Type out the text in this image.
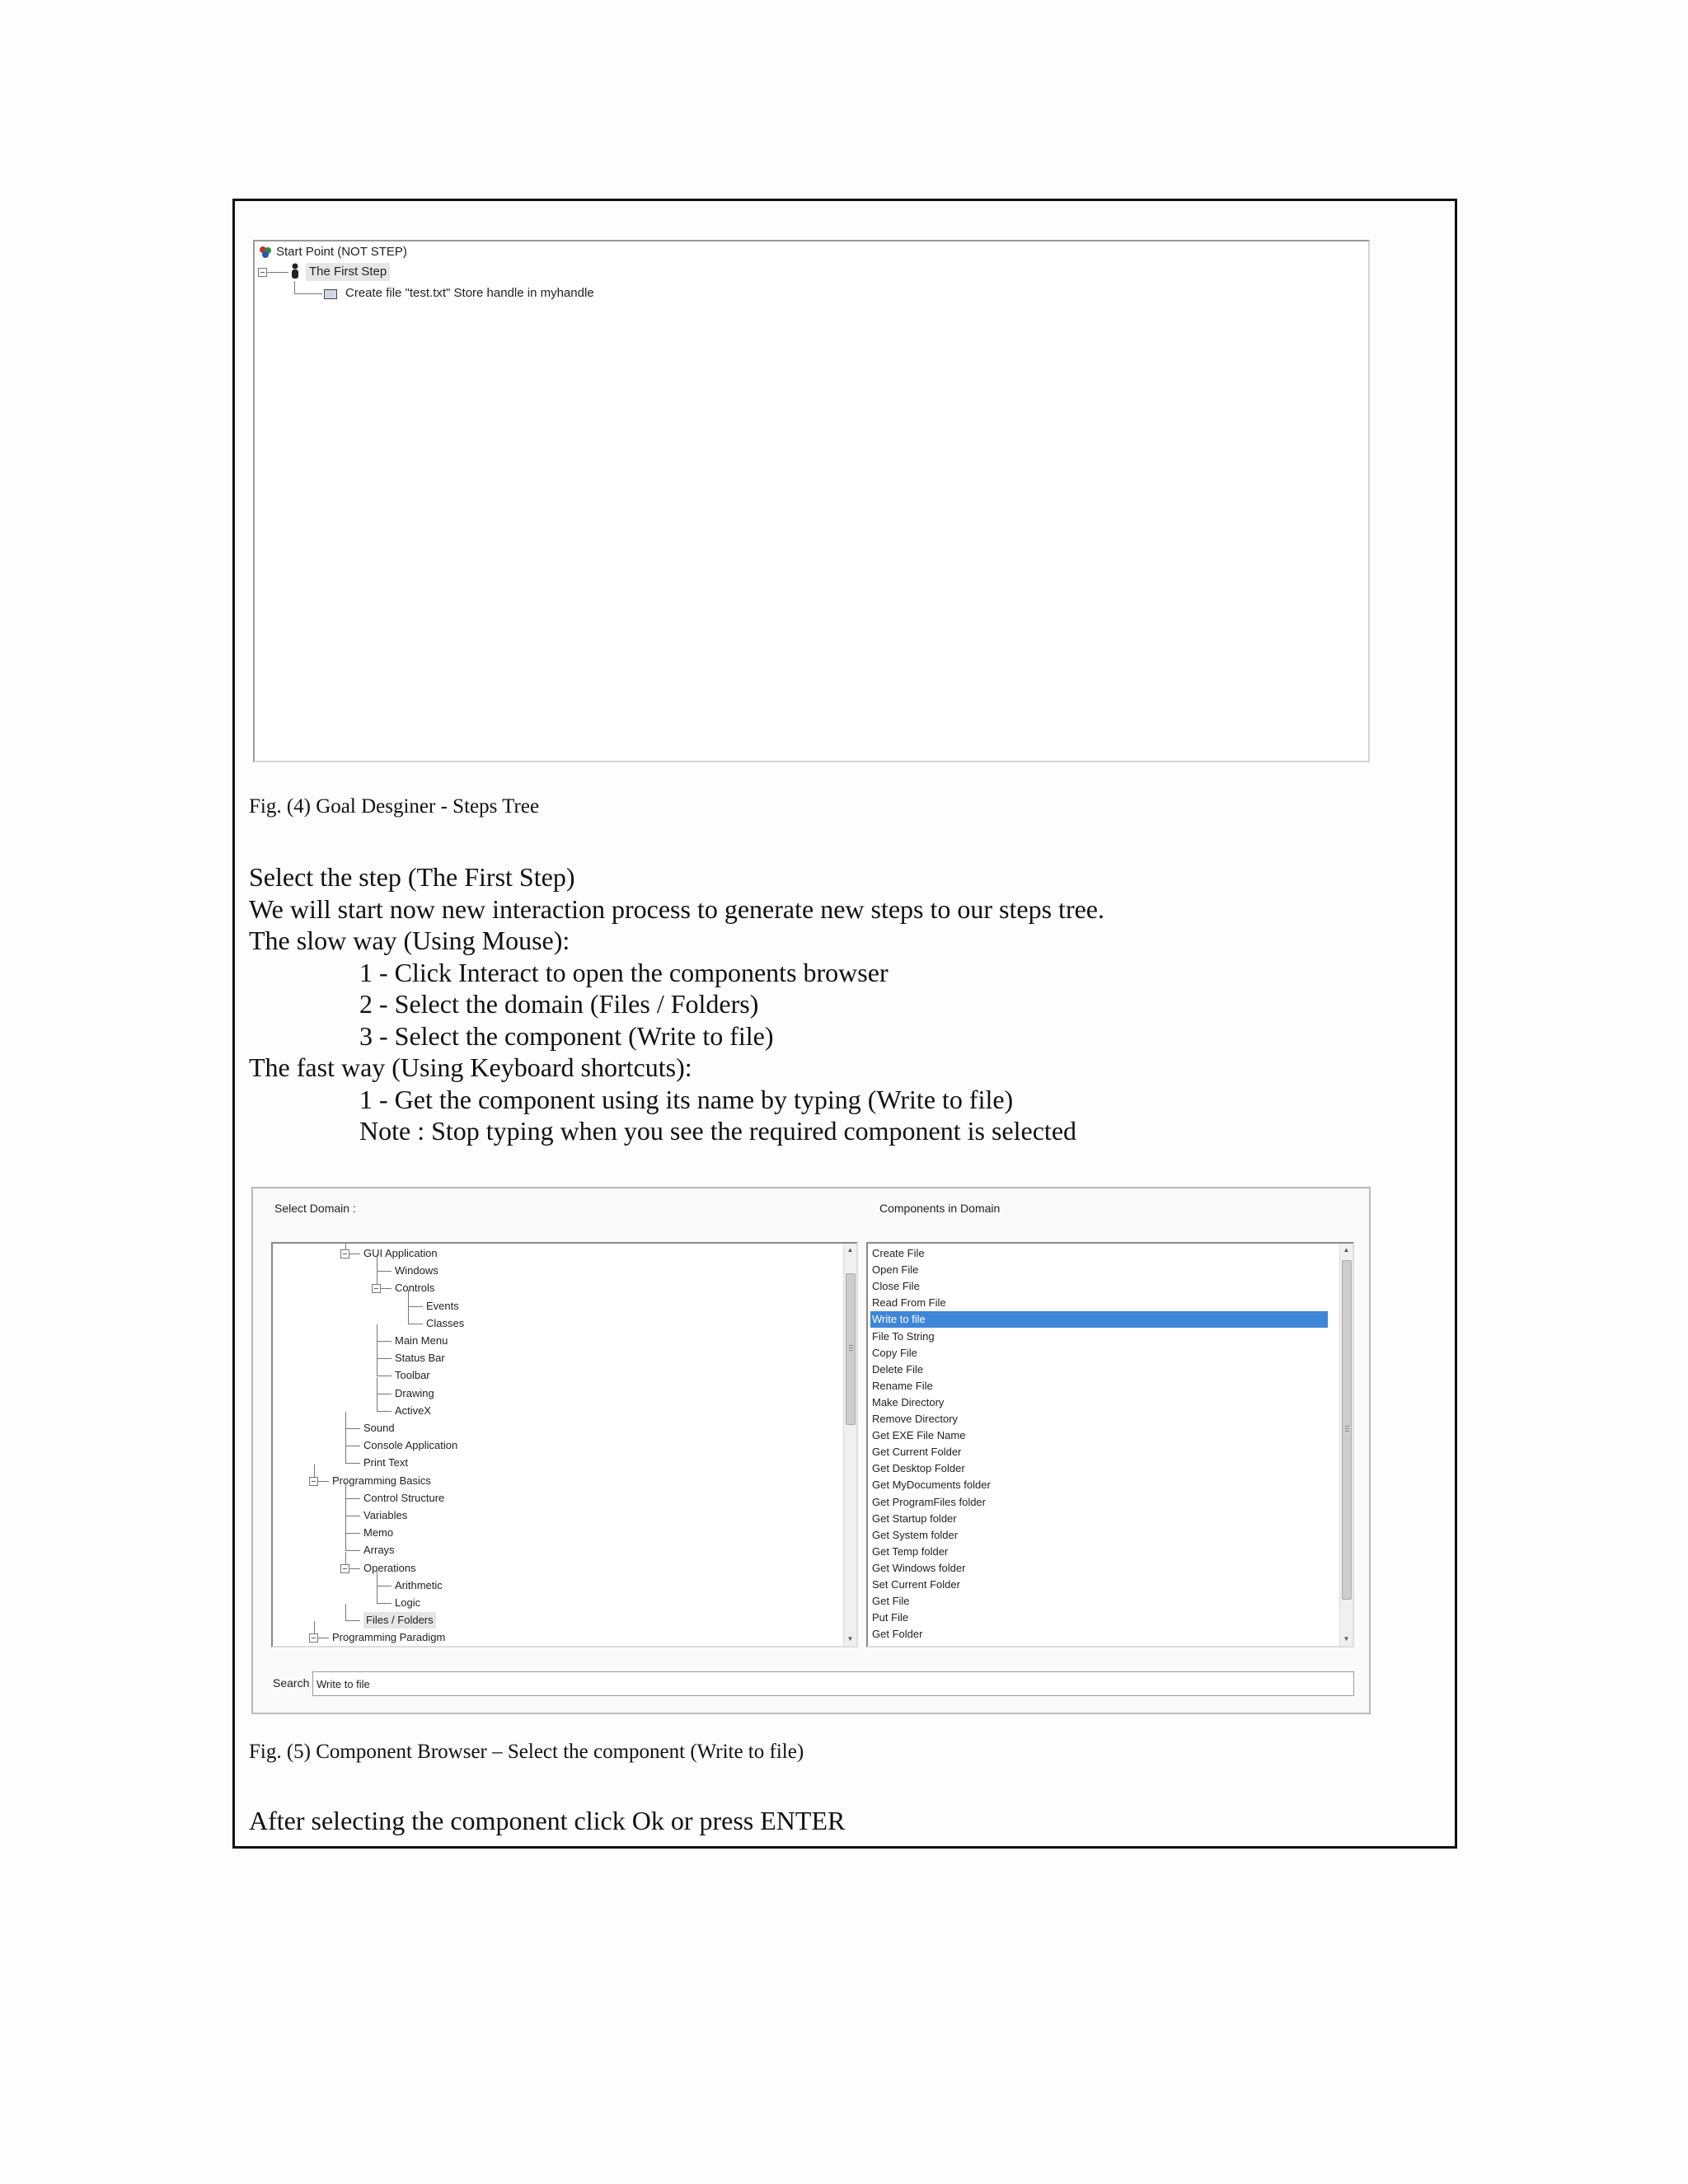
Start Point (NOT STEP)
−	The First Step
Create file "test.txt" Store handle in myhandle
Fig. (4) Goal Desginer - Steps Tree
Select the step (The First Step)
We will start now new interaction process to generate new steps to our steps tree.
The slow way (Using Mouse):
1 - Click Interact to open the components browser
2 - Select the domain (Files / Folders)
3 - Select the component (Write to file)
The fast way (Using Keyboard shortcuts):
1 - Get the component using its name by typing (Write to file)
Note : Stop typing when you see the required component is selected
Select Domain :	Components in Domain
− GUI Application
Windows
− Controls
Events
Classes
Main Menu
Status Bar
Toolbar
Drawing
ActiveX
Sound
Console Application
Print Text
− Programming Basics
Control Structure
Variables
Memo
Arrays
− Operations
Arithmetic
Logic
Files / Folders
− Programming Paradigm
▲
▼
Create File
Open File
Close File
Read From File
Write to file
File To String
Copy File
Delete File
Rename File
Make Directory
Remove Directory
Get EXE File Name
Get Current Folder
Get Desktop Folder
Get MyDocuments folder
Get ProgramFiles folder
Get Startup folder
Get System folder
Get Temp folder
Get Windows folder
Set Current Folder
Get File
Put File
Get Folder
▲
▼
Search
Write to file
Fig. (5) Component Browser – Select the component (Write to file)
After selecting the component click Ok or press ENTER
